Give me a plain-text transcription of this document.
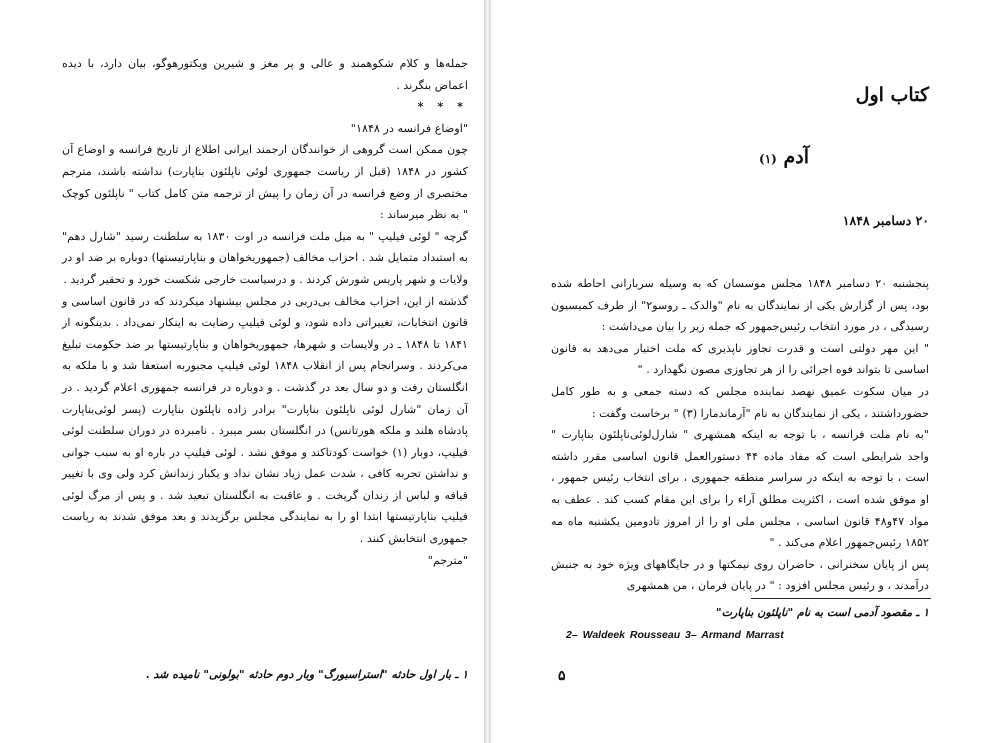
جمله‌ها و کلام شکوهمند و عالی و پر مغز و شیرین ویکتورهوگو، بیان دارد، با دیده اعماض بنگرند .

* * *

"اوضاع فرانسه در ۱۸۴۸"

چون ممکن است گروهی از خوانندگان ارجمند ایرانی اطلاع از تاریخ فرانسه و اوضاع آن کشور در ۱۸۴۸ (قبل از ریاست جمهوری لوئی ناپلئون بناپارت) نداشته باشند، مترجم مختصری از وضع فرانسه در آن زمان را پیش از ترجمه متن کامل کتاب " ناپلئون کوچک " به نظر میرساند :

گرچه " لوئی فیلیپ " به میل ملت فرانسه در اوت ۱۸۳۰ به سلطنت رسید "شارل دهم" به استبداد متمایل شد . احزاب مخالف (جمهوریخواهان و بناپارتیستها) دوباره بر ضد او در ولایات و شهر پاریس شورش کردند . و درسیاست خارجی شکست خورد و تحقیر گردید .

گذشته از این، احزاب مخالف بی‌دربی در مجلس بیشنهاد میکردند که در قانون اساسی و قانون انتخابات، تغییراتی داده شود، و لوئی فیلیپ رضایت به اینکار نمی‌داد . بدینگونه از ۱۸۴۱ تا ۱۸۴۸ ـ در ولایسات و شهرها، جمهوریخواهان و بناپارتیستها بر ضد حکومت تبلیغ می‌کردند . وسرانجام پس از انقلاب ۱۸۴۸ لوئی فیلیپ مجبوربه استعفا شد و با ملکه به انگلستان رفت و دو سال بعد در گذشت . و دوباره در فرانسه جمهوری اعلام گردید . در آن زمان "شارل لوئی ناپلئون بناپارت" برادر زاده ناپلئون بناپارت (پسر لوئی‌بناپارت پادشاه هلند و ملکه هورتانس) در انگلستان بسر میبرد . نامبرده در دوران سلطنت لوئی فیلیپ، دوبار (۱) خواست کودتاکند و موفق نشد . لوئی فیلیپ در باره او به سبب جوانی و نداشتن تجربه کافی ، شدت عمل زیاد نشان نداد و یکبار زندانش کرد ولی وی با تغییر قیافه و لباس از زندان گریخت . و عاقبت به انگلستان تبعید شد . و پس از مرگ لوئی فیلیپ بناپارتیستها ابتدا او را به نمایندگی مجلس برگزیدند و بعد موفق شدند به ریاست جمهوری انتخابش کنند .

"مترجم"

۱ ـ بار اول حادثه "استراسبورگ" وبار دوم حادثه "بولونی" نامیده شد .

کتاب اول
آدم (۱)

۲۰ دسامبر ۱۸۴۸

پنجشنبه ۲۰ دسامبر ۱۸۴۸ مجلس موسسان که به وسیله سربازانی احاطه شده بود، پس از گزارش یکی از نمایندگان به نام "والدک ـ روسو۲" از طرف کمیسیون رسیدگی ، در مورد انتخاب رئیس‌جمهور که جمله زیر را بیان می‌داشت :

" این مهر دولتی است و قدرت تجاوز ناپذیری که ملت اختیار می‌دهد به قانون اساسی تا بتواند فوه اجرائی را از هر تجاوزی مصون نگهدارد . "

در میان سکوت عمیق نهصد نماینده مجلس که دسته جمعی و به طور کامل حضورداشتند ، یکی از نمایندگان به نام "آرماندمارا (۳) " برخاست وگفت :

"به نام ملت فرانسه ، با توجه به اینکه همشهری " شارل‌لوئی‌ناپلئون بناپارت " واجد شرایطی است که مفاد ماده ۴۴ دستورالعمل قانون اساسی مقرر داشته است ، با توجه به اینکه در سراسر منطقه جمهوری ، برای انتخاب رئیس جمهور ، او موفق شده است ، اکثریت مطلق آراء را برای این مقام کسب کند . عطف به مواد ۴۷و۴۸ قانون اساسی ، مجلس ملی او را از امروز تادومین یکشنبه ماه مه ۱۸۵۲ رئیس‌جمهور اعلام می‌کند . "

پس از پایان سخنرانی ، حاضران روی نیمکتها و در جایگاههای ویژه خود به جنبش درآمدند ، و رئیس مجلس افزود : " در پایان فرمان ، من همشهری

۱ ـ مقصود آدمی است به نام "ناپلئون بناپارت"

2– Waldeek Rousseau 3– Armand Marrast

۵
